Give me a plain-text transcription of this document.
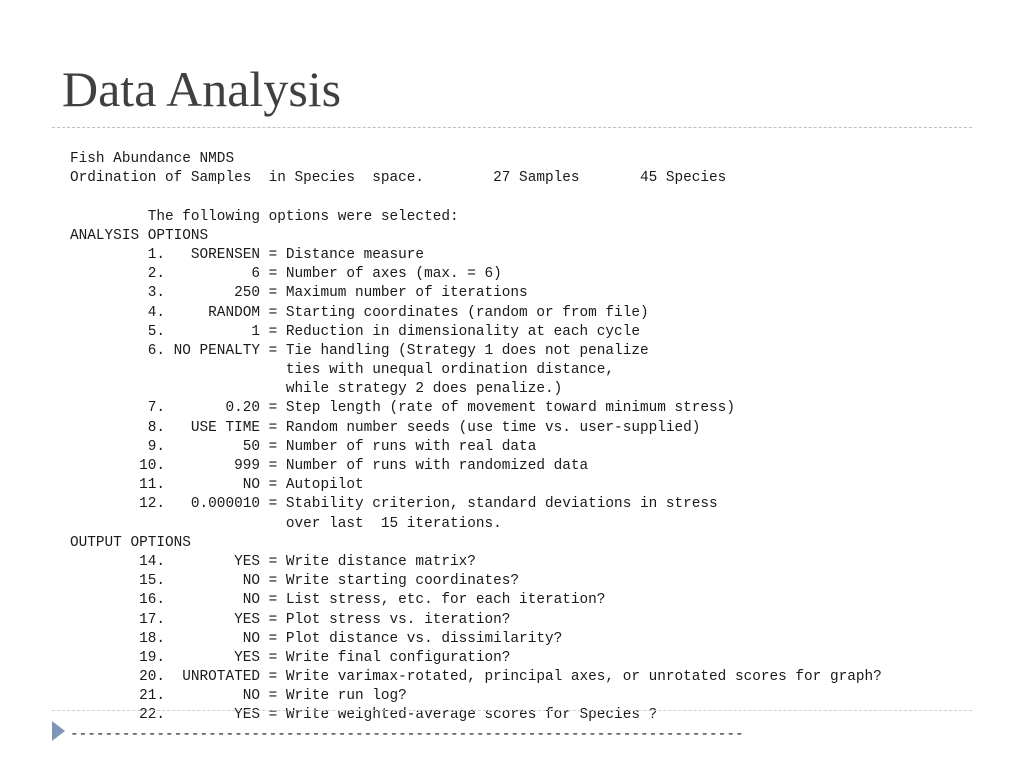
Data Analysis
Fish Abundance NMDS
Ordination of Samples  in Species  space.        27 Samples       45 Species
The following options were selected:
ANALYSIS OPTIONS
1.   SORENSEN = Distance measure
2.          6 = Number of axes (max. = 6)
3.        250 = Maximum number of iterations
4.     RANDOM = Starting coordinates (random or from file)
5.          1 = Reduction in dimensionality at each cycle
6. NO PENALTY = Tie handling (Strategy 1 does not penalize
ties with unequal ordination distance,
while strategy 2 does penalize.)
7.       0.20 = Step length (rate of movement toward minimum stress)
8.   USE TIME = Random number seeds (use time vs. user-supplied)
9.         50 = Number of runs with real data
10.        999 = Number of runs with randomized data
11.         NO = Autopilot
12.   0.000010 = Stability criterion, standard deviations in stress
over last  15 iterations.
OUTPUT OPTIONS
14.        YES = Write distance matrix?
15.         NO = Write starting coordinates?
16.         NO = List stress, etc. for each iteration?
17.        YES = Plot stress vs. iteration?
18.         NO = Plot distance vs. dissimilarity?
19.        YES = Write final configuration?
20.  UNROTATED = Write varimax-rotated, principal axes, or unrotated scores for graph?
21.         NO = Write run log?
22.        YES = Write weighted-average scores for Species ?
------------------------------------------------------------------------------
